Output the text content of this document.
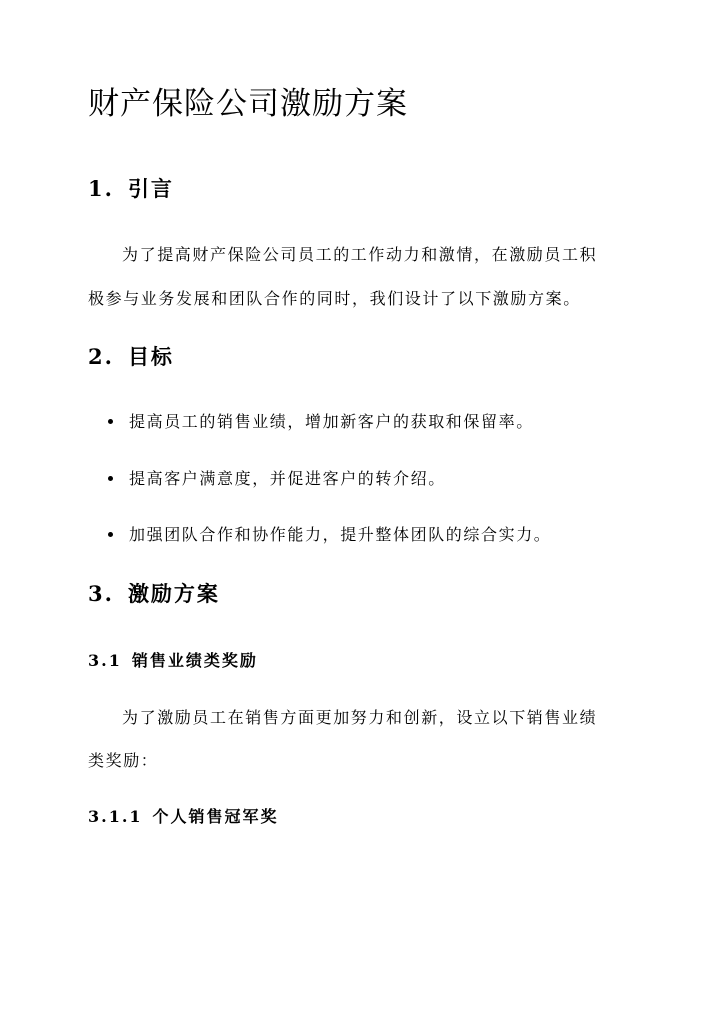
财产保险公司激励方案
1. 引言

为了提高财产保险公司员工的工作动力和激情，在激励员工积

极参与业务发展和团队合作的同时，我们设计了以下激励方案。

2. 目标
提高员工的销售业绩，增加新客户的获取和保留率。
提高客户满意度，并促进客户的转介绍。
加强团队合作和协作能力，提升整体团队的综合实力。
3. 激励方案
3.1 销售业绩类奖励

为了激励员工在销售方面更加努力和创新，设立以下销售业绩

类奖励：

3.1.1 个人销售冠军奖
